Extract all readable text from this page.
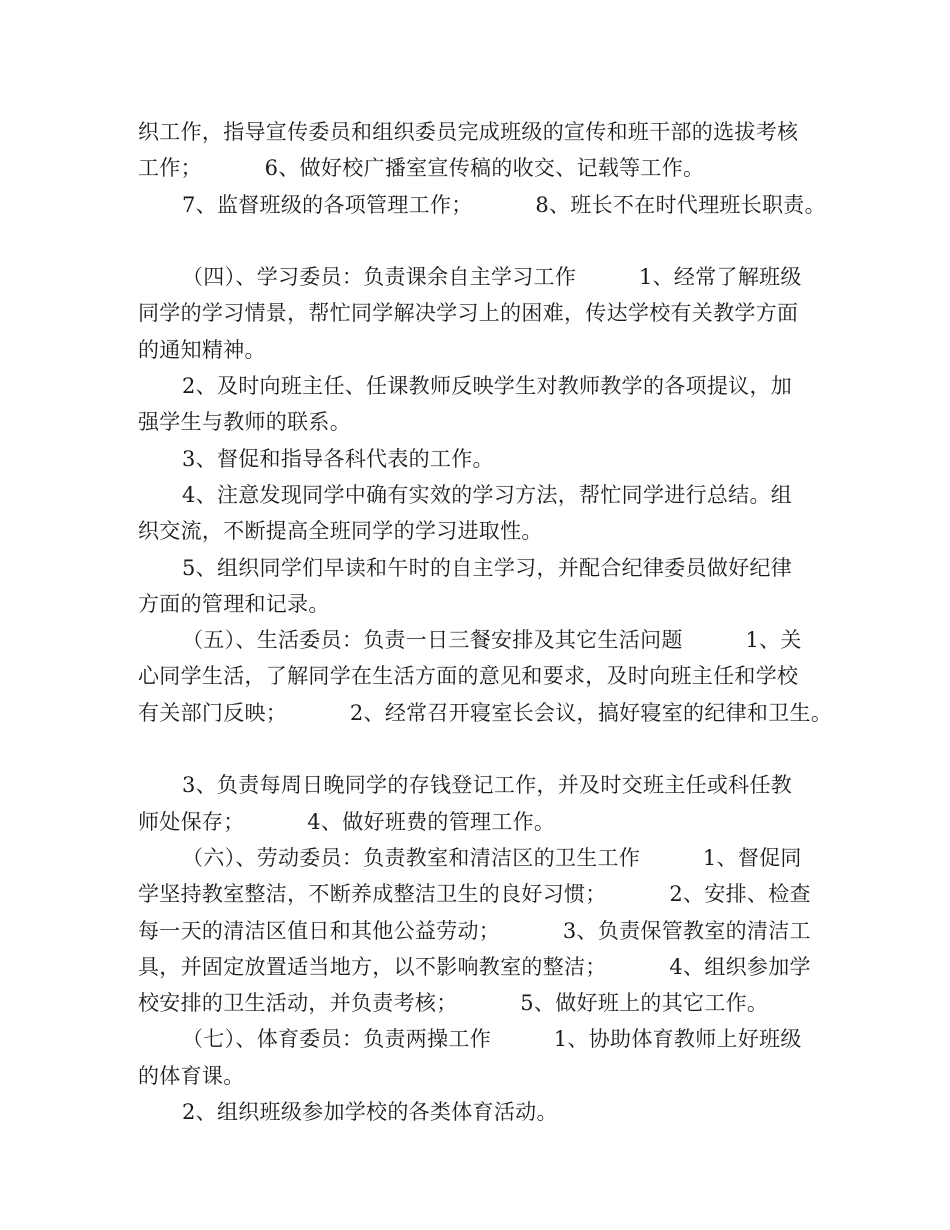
织工作，指导宣传委员和组织委员完成班级的宣传和班干部的选拔考核
工作；         6、做好校广播室宣传稿的收交、记载等工作。
7、监督班级的各项管理工作；         8、班长不在时代理班长职责。
（四）、学习委员：负责课余自主学习工作         1、经常了解班级
同学的学习情景，帮忙同学解决学习上的困难，传达学校有关教学方面
的通知精神。
2、及时向班主任、任课教师反映学生对教师教学的各项提议，加
强学生与教师的联系。
3、督促和指导各科代表的工作。
4、注意发现同学中确有实效的学习方法，帮忙同学进行总结。组
织交流，不断提高全班同学的学习进取性。
5、组织同学们早读和午时的自主学习，并配合纪律委员做好纪律
方面的管理和记录。
（五）、生活委员：负责一日三餐安排及其它生活问题         1、关
心同学生活，了解同学在生活方面的意见和要求，及时向班主任和学校
有关部门反映；         2、经常召开寝室长会议，搞好寝室的纪律和卫生。
3、负责每周日晚同学的存钱登记工作，并及时交班主任或科任教
师处保存；         4、做好班费的管理工作。
（六）、劳动委员：负责教室和清洁区的卫生工作         1、督促同
学坚持教室整洁，不断养成整洁卫生的良好习惯；         2、安排、检查
每一天的清洁区值日和其他公益劳动；         3、负责保管教室的清洁工
具，并固定放置适当地方，以不影响教室的整洁；         4、组织参加学
校安排的卫生活动，并负责考核；         5、做好班上的其它工作。
（七）、体育委员：负责两操工作         1、协助体育教师上好班级
的体育课。
2、组织班级参加学校的各类体育活动。
